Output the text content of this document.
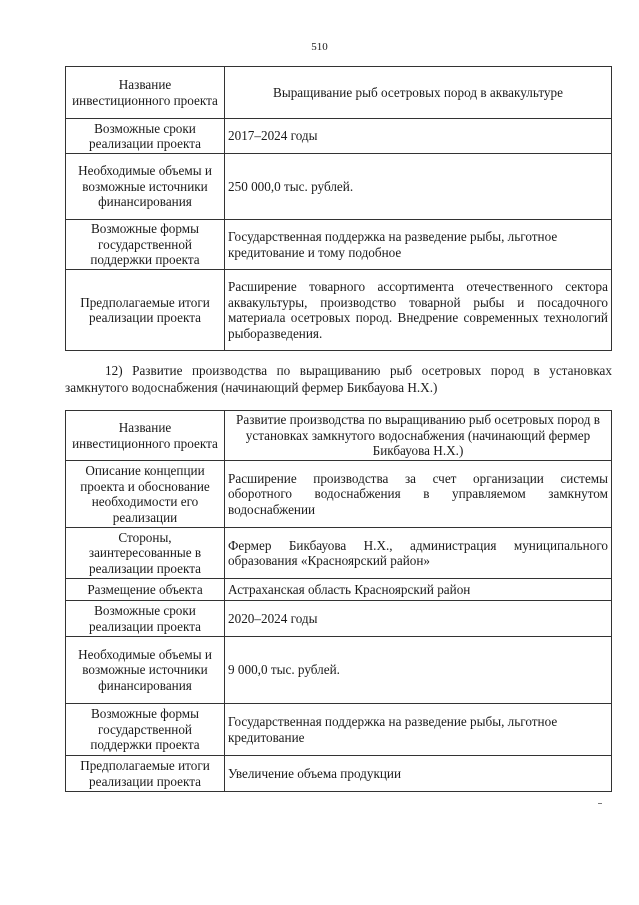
510
Название инвестиционного проекта	Выращивание рыб осетровых пород в аквакультуре
Возможные сроки реализации проекта	2017–2024 годы
Необходимые объемы и возможные источники финансирования	250 000,0 тыс. рублей.
Возможные формы государственной поддержки проекта	Государственная поддержка на разведение рыбы, льготное кредитование и тому подобное
Предполагаемые итоги реализации проекта	Расширение товарного ассортимента отечественного сектора аквакультуры, производство товарной рыбы и посадочного материала осетровых пород. Внедрение современных технологий рыборазведения.
12) Развитие производства по выращиванию рыб осетровых пород в установках замкнутого водоснабжения (начинающий фермер Бикбауова Н.Х.)
Название инвестиционного проекта	Развитие производства по выращиванию рыб осетровых пород в установках замкнутого водоснабжения (начинающий фермер Бикбауова Н.Х.)
Описание концепции проекта и обоснование необходимости его реализации	Расширение производства за счет организации системы оборотного водоснабжения в управляемом замкнутом водоснабжении
Стороны, заинтересованные в реализации проекта	Фермер Бикбауова Н.Х., администрация муниципального образования «Красноярский район»
Размещение объекта	Астраханская область Красноярский район
Возможные сроки реализации проекта	2020–2024 годы
Необходимые объемы и возможные источники финансирования	9 000,0 тыс. рублей.
Возможные формы государственной поддержки проекта	Государственная поддержка на разведение рыбы, льготное кредитование
Предполагаемые итоги реализации проекта	Увеличение объема продукции
